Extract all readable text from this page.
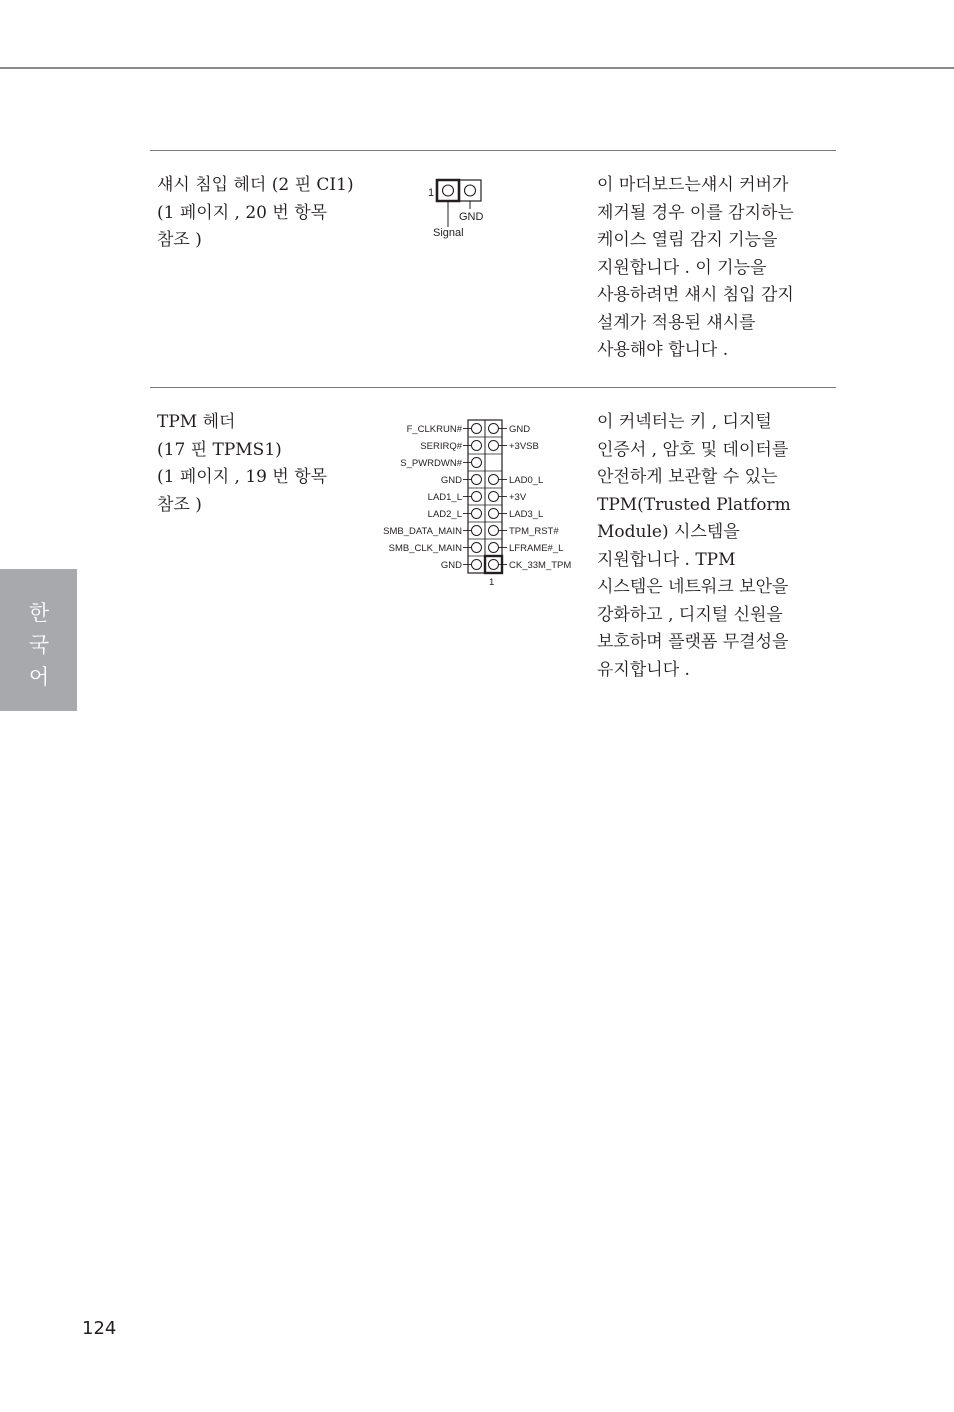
섀시 침입 헤더 (2 핀 CI1)
(1 페이지 , 20 번 항목
참조 )
1
GND
Signal
이 마더보드는섀시 커버가
제거될 경우 이를 감지하는
케이스 열림 감지 기능을
지원합니다 . 이 기능을
사용하려면 섀시 침입 감지
설계가 적용된 섀시를
사용해야 합니다 .
TPM 헤더
(17 핀 TPMS1)
(1 페이지 , 19 번 항목
참조 )
F_CLKRUN#	GND
SERIRQ#	+3VSB
S_PWRDWN#
GND	LAD0_L
LAD1_L	+3V
LAD2_L	LAD3_L
SMB_DATA_MAIN	TPM_RST#
SMB_CLK_MAIN	LFRAME#_L
GND	CK_33M_TPM
1
이 커넥터는 키 , 디지털
인증서 , 암호 및 데이터를
안전하게 보관할 수 있는
TPM(Trusted Platform
Module) 시스템을
지원합니다 . TPM
시스템은 네트워크 보안을
강화하고 , 디지털 신원을
보호하며 플랫폼 무결성을
유지합니다 .
한
국
어
124
